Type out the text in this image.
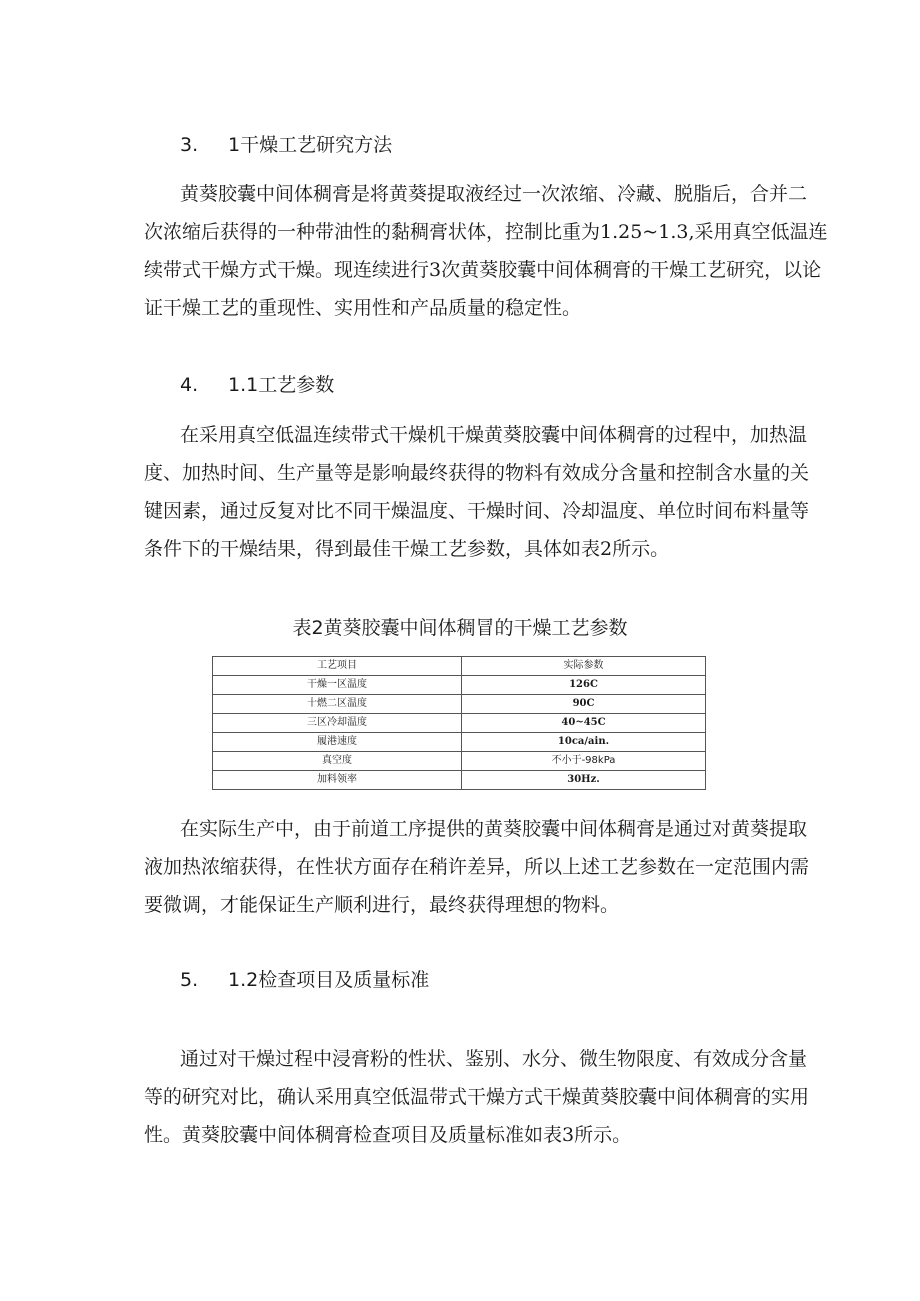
3. 1干燥工艺研究方法
黄葵胶囊中间体稠膏是将黄葵提取液经过一次浓缩、冷藏、脱脂后，合并二
次浓缩后获得的一种带油性的黏稠膏状体，控制比重为1.25~1.3,采用真空低温连
续带式干燥方式干燥。现连续进行3次黄葵胶囊中间体稠膏的干燥工艺研究，以论
证干燥工艺的重现性、实用性和产品质量的稳定性。
4. 1.1工艺参数
在采用真空低温连续带式干燥机干燥黄葵胶囊中间体稠膏的过程中，加热温
度、加热时间、生产量等是影响最终获得的物料有效成分含量和控制含水量的关
键因素，通过反复对比不同干燥温度、干燥时间、冷却温度、单位时间布料量等
条件下的干燥结果，得到最佳干燥工艺参数，具体如表2所示。
表2黄葵胶囊中间体稠冒的干燥工艺参数
工艺项目	实际参数
干燥一区温度	126C
十燃二区温度	90C
三区冷却温度	40~45C
履港速度	10ca∕ain.
真空度	不小于-98kPa
加料领率	30Hz.
在实际生产中，由于前道工序提供的黄葵胶囊中间体稠膏是通过对黄葵提取
液加热浓缩获得，在性状方面存在稍许差异，所以上述工艺参数在一定范围内需
要微调，才能保证生产顺利进行，最终获得理想的物料。
5. 1.2检查项目及质量标准
通过对干燥过程中浸膏粉的性状、鉴别、水分、微生物限度、有效成分含量
等的研究对比，确认采用真空低温带式干燥方式干燥黄葵胶囊中间体稠膏的实用
性。黄葵胶囊中间体稠膏检查项目及质量标准如表3所示。
